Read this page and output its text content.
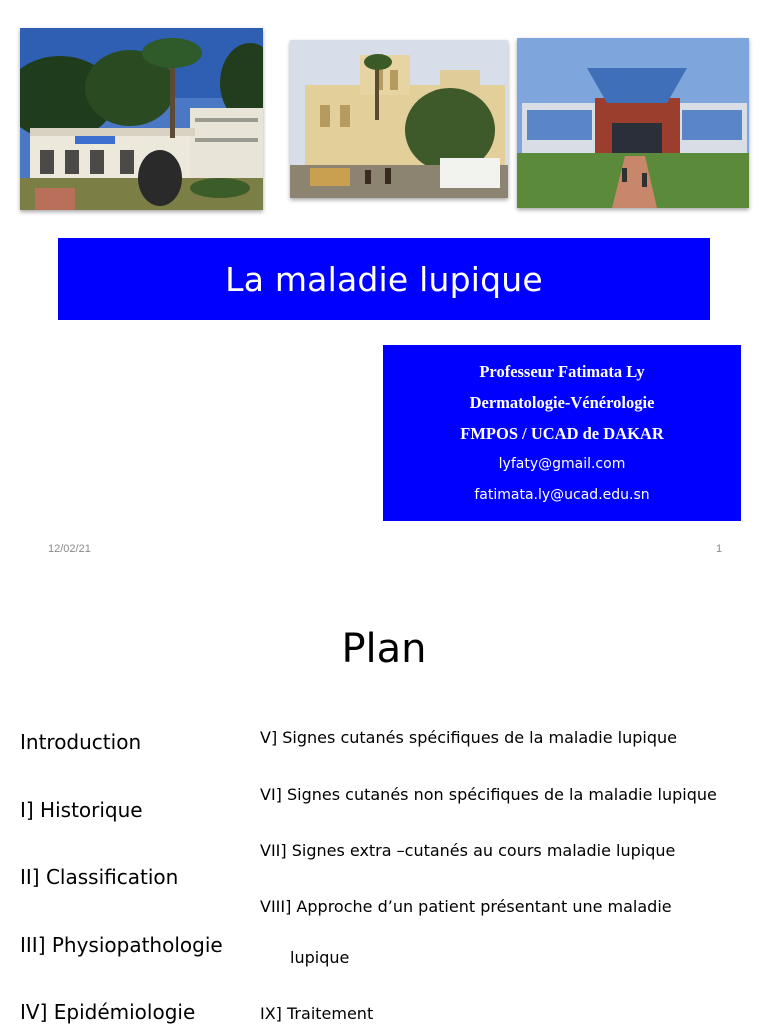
La maladie lupique
Professeur Fatimata Ly
Dermatologie-Vénérologie
FMPOS / UCAD de DAKAR
lyfaty@gmail.com
fatimata.ly@ucad.edu.sn
12/02/21	1
Plan
Introduction
I] Historique
II] Classification
III] Physiopathologie
IV] Epidémiologie
V] Signes cutanés spécifiques de la maladie lupique
VI] Signes cutanés non spécifiques de la maladie lupique
VII] Signes extra –cutanés au cours maladie lupique
VIII] Approche d’un patient présentant une maladie
lupique
IX] Traitement
